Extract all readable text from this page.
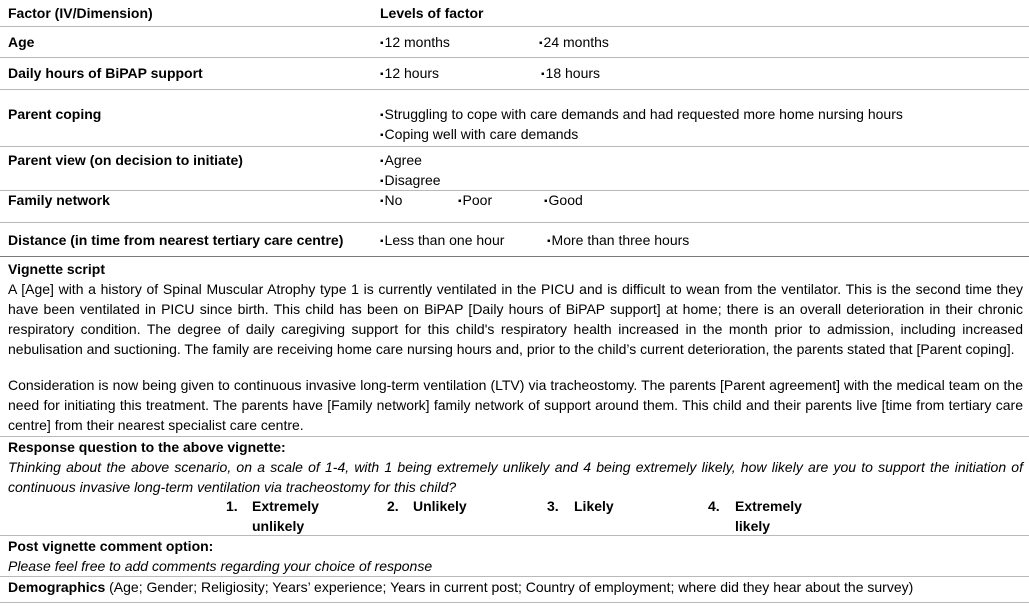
Factor (IV/Dimension)	Levels of factor
Age	▪ 12 months	▪ 24 months
Daily hours of BiPAP support	▪ 12 hours	▪ 18 hours
Parent coping	▪ Struggling to cope with care demands and had requested more home nursing hours
▪ Coping well with care demands
Parent view (on decision to initiate)	▪ Agree
▪ Disagree
Family network	▪ No	▪ Poor	▪ Good
Distance (in time from nearest tertiary care centre)	▪ Less than one hour	▪ More than three hours
Vignette script
A [Age] with a history of Spinal Muscular Atrophy type 1 is currently ventilated in the PICU and is difficult to wean from the ventilator. This is the second time they have been ventilated in PICU since birth. This child has been on BiPAP [Daily hours of BiPAP support] at home; there is an overall deterioration in their chronic respiratory condition. The degree of daily caregiving support for this child's respiratory health increased in the month prior to admission, including increased nebulisation and suctioning. The family are receiving home care nursing hours and, prior to the child’s current deterioration, the parents stated that [Parent coping].
Consideration is now being given to continuous invasive long-term ventilation (LTV) via tracheostomy. The parents [Parent agreement] with the medical team on the need for initiating this treatment. The parents have [Family network] family network of support around them. This child and their parents live [time from tertiary care centre] from their nearest specialist care centre.
Response question to the above vignette:
Thinking about the above scenario, on a scale of 1-4, with 1 being extremely unlikely and 4 being extremely likely, how likely are you to support the initiation of continuous invasive long-term ventilation via tracheostomy for this child?
1. Extremely
unlikely
2. Unlikely	3. Likely	4. Extremely
likely
Post vignette comment option:
Please feel free to add comments regarding your choice of response
Demographics (Age; Gender; Religiosity; Years’ experience; Years in current post; Country of employment; where did they hear about the survey)
